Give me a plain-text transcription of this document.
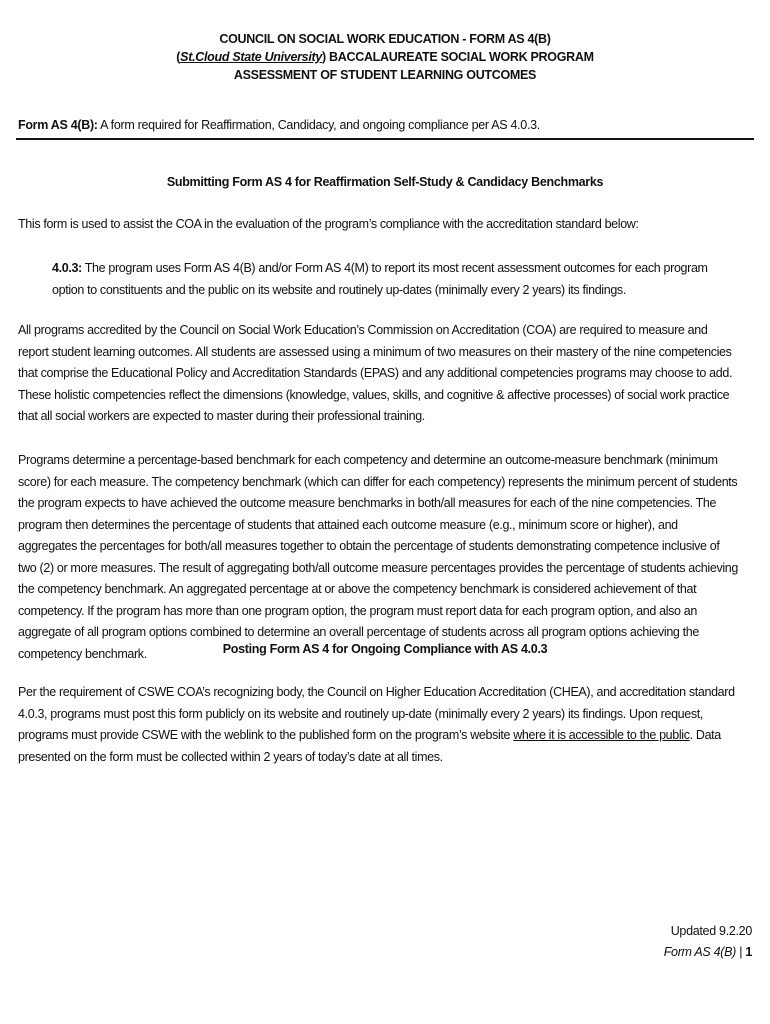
COUNCIL ON SOCIAL WORK EDUCATION - FORM AS 4(B)
(St.Cloud State University) BACCALAUREATE SOCIAL WORK PROGRAM
ASSESSMENT OF STUDENT LEARNING OUTCOMES
Form AS 4(B): A form required for Reaffirmation, Candidacy, and ongoing compliance per AS 4.0.3.
Submitting Form AS 4 for Reaffirmation Self-Study & Candidacy Benchmarks
This form is used to assist the COA in the evaluation of the program’s compliance with the accreditation standard below:
4.0.3: The program uses Form AS 4(B) and/or Form AS 4(M) to report its most recent assessment outcomes for each program option to constituents and the public on its website and routinely up-dates (minimally every 2 years) its findings.
All programs accredited by the Council on Social Work Education’s Commission on Accreditation (COA) are required to measure and report student learning outcomes. All students are assessed using a minimum of two measures on their mastery of the nine competencies that comprise the Educational Policy and Accreditation Standards (EPAS) and any additional competencies programs may choose to add. These holistic competencies reflect the dimensions (knowledge, values, skills, and cognitive & affective processes) of social work practice that all social workers are expected to master during their professional training.
Programs determine a percentage-based benchmark for each competency and determine an outcome-measure benchmark (minimum score) for each measure. The competency benchmark (which can differ for each competency) represents the minimum percent of students the program expects to have achieved the outcome measure benchmarks in both/all measures for each of the nine competencies. The program then determines the percentage of students that attained each outcome measure (e.g., minimum score or higher), and aggregates the percentages for both/all measures together to obtain the percentage of students demonstrating competence inclusive of two (2) or more measures. The result of aggregating both/all outcome measure percentages provides the percentage of students achieving the competency benchmark. An aggregated percentage at or above the competency benchmark is considered achievement of that competency. If the program has more than one program option, the program must report data for each program option, and also an aggregate of all program options combined to determine an overall percentage of students across all program options achieving the competency benchmark.	Posting Form AS 4 for Ongoing Compliance with AS 4.0.3
Per the requirement of CSWE COA’s recognizing body, the Council on Higher Education Accreditation (CHEA), and accreditation standard 4.0.3, programs must post this form publicly on its website and routinely up-date (minimally every 2 years) its findings. Upon request, programs must provide CSWE with the weblink to the published form on the program’s website where it is accessible to the public. Data presented on the form must be collected within 2 years of today’s date at all times.
Updated 9.2.20
Form AS 4(B) | 1
